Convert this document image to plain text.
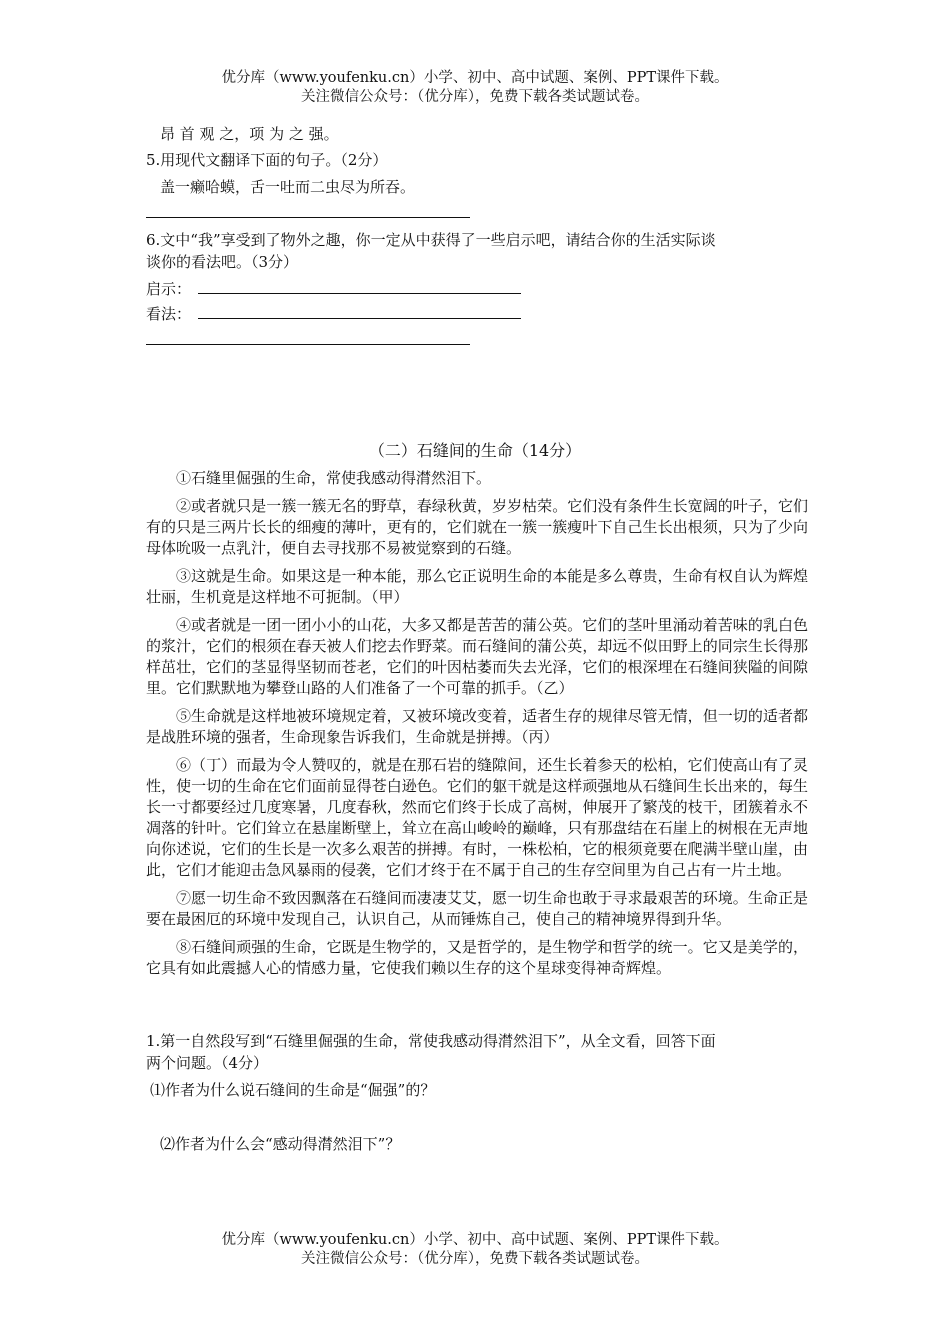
优分库（www.youfenku.cn）小学、初中、高中试题、案例、PPT课件下载。
关注微信公众号：（优分库），免费下载各类试题试卷。
昂 首 观 之，项 为 之 强。
5.用现代文翻译下面的句子。（2分）
盖一癞哈蟆，舌一吐而二虫尽为所吞。
6.文中“我”享受到了物外之趣，你一定从中获得了一些启示吧，请结合你的生活实际谈
谈你的看法吧。（3分）
启示：
看法：
（二）石缝间的生命（14分）

①石缝里倔强的生命，常使我感动得潸然泪下。

②或者就只是一簇一簇无名的野草，春绿秋黄，岁岁枯荣。它们没有条件生长宽阔的叶子，它们有的只是三两片长长的细瘦的薄叶，更有的，它们就在一簇一簇瘦叶下自己生长出根须，只为了少向母体吮吸一点乳汁，便自去寻找那不易被觉察到的石缝。

③这就是生命。如果这是一种本能，那么它正说明生命的本能是多么尊贵，生命有权自认为辉煌壮丽，生机竟是这样地不可扼制。（甲）

④或者就是一团一团小小的山花，大多又都是苦苦的蒲公英。它们的茎叶里涌动着苦味的乳白色的浆汁，它们的根须在春天被人们挖去作野菜。而石缝间的蒲公英，却远不似田野上的同宗生长得那样茁壮，它们的茎显得坚韧而苍老，它们的叶因枯萎而失去光泽，它们的根深埋在石缝间狭隘的间隙里。它们默默地为攀登山路的人们准备了一个可靠的抓手。（乙）

⑤生命就是这样地被环境规定着，又被环境改变着，适者生存的规律尽管无情，但一切的适者都是战胜环境的强者，生命现象告诉我们，生命就是拼搏。（丙）

⑥（丁）而最为令人赞叹的，就是在那石岩的缝隙间，还生长着参天的松柏，它们使高山有了灵性，使一切的生命在它们面前显得苍白逊色。它们的躯干就是这样顽强地从石缝间生长出来的，每生长一寸都要经过几度寒暑，几度春秋，然而它们终于长成了高树，伸展开了繁茂的枝干，团簇着永不凋落的针叶。它们耸立在悬崖断壁上，耸立在高山峻岭的巅峰，只有那盘结在石崖上的树根在无声地向你述说，它们的生长是一次多么艰苦的拼搏。有时，一株松柏，它的根须竟要在爬满半壁山崖，由此，它们才能迎击急风暴雨的侵袭，它们才终于在不属于自己的生存空间里为自己占有一片土地。

⑦愿一切生命不致因飘落在石缝间而凄凄艾艾，愿一切生命也敢于寻求最艰苦的环境。生命正是要在最困厄的环境中发现自己，认识自己，从而锤炼自己，使自己的精神境界得到升华。

⑧石缝间顽强的生命，它既是生物学的，又是哲学的，是生物学和哲学的统一。它又是美学的，它具有如此震撼人心的情感力量，它使我们赖以生存的这个星球变得神奇辉煌。

1.第一自然段写到“石缝里倔强的生命，常使我感动得潸然泪下”，从全文看，回答下面
两个问题。（4分）
⑴作者为什么说石缝间的生命是“倔强”的？
⑵作者为什么会“感动得潸然泪下”？
优分库（www.youfenku.cn）小学、初中、高中试题、案例、PPT课件下载。
关注微信公众号：（优分库），免费下载各类试题试卷。
